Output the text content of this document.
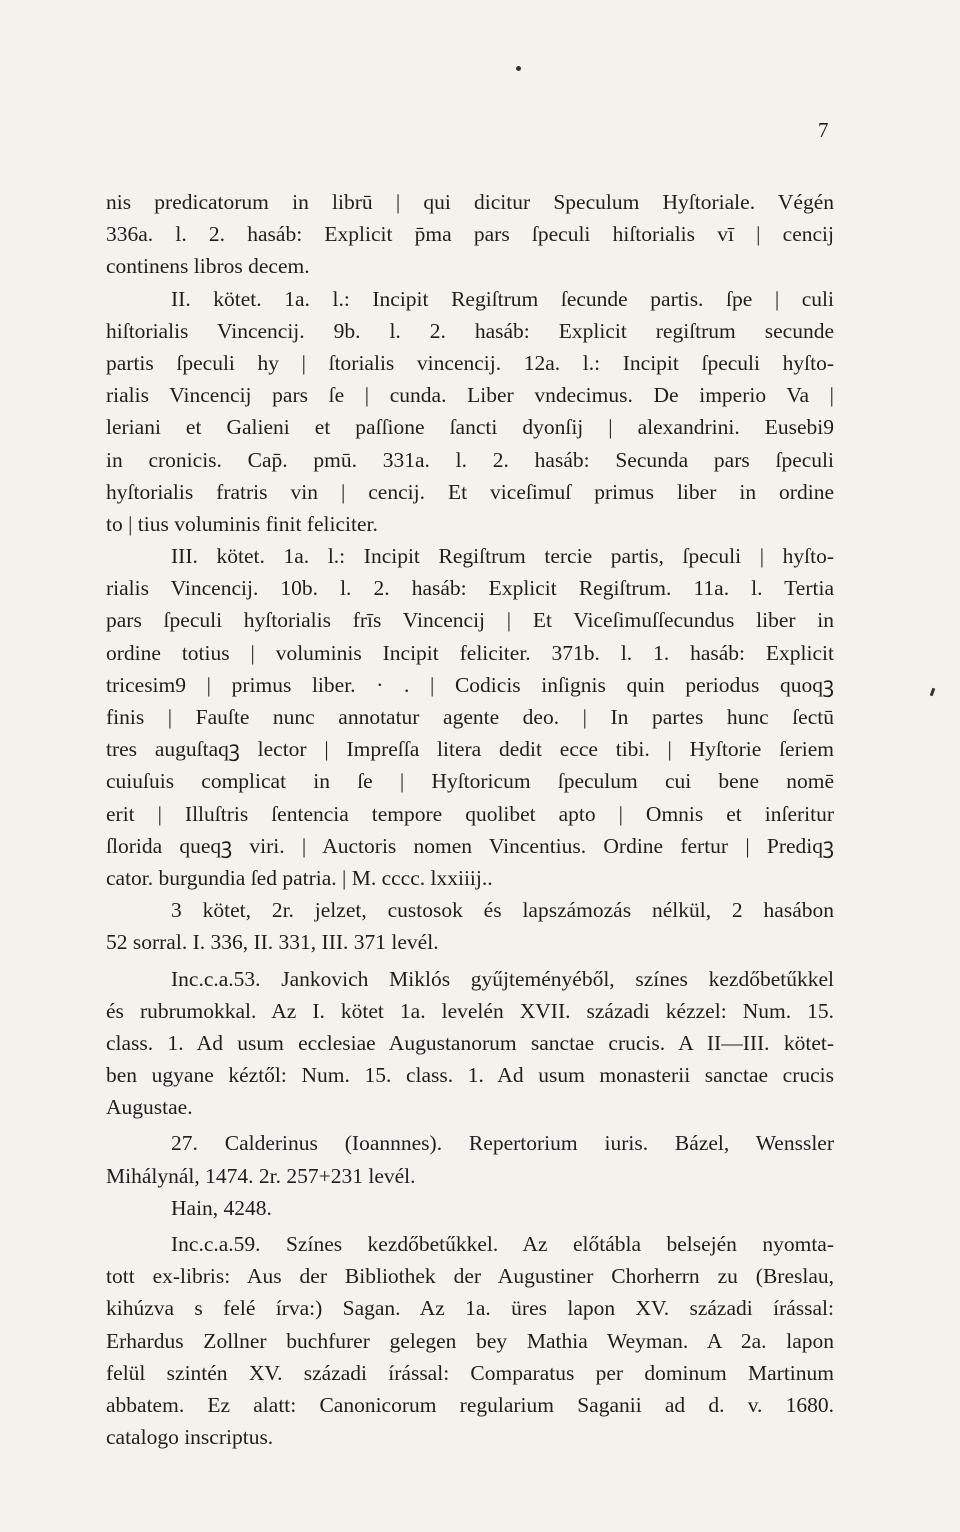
7
nis predicatorum in librū | qui dicitur Speculum Hyſtoriale. Végén
336a. l. 2. hasáb: Explicit p̄ma pars ſpeculi hiſtorialis vī | cencij
continens libros decem.
II. kötet. 1a. l.: Incipit Regiſtrum ſecunde partis. ſpe | culi
hiſtorialis Vincencij. 9b. l. 2. hasáb: Explicit regiſtrum secunde
partis ſpeculi hy | ſtorialis vincencij. 12a. l.: Incipit ſpeculi hyſto-
rialis Vincencij pars ſe | cunda. Liber vndecimus. De imperio Va |
leriani et Galieni et paſſione ſancti dyonſij | alexandrini. Eusebi9
in cronicis. Cap̄. pmū. 331a. l. 2. hasáb: Secunda pars ſpeculi
hyſtorialis fratris vin | cencij. Et viceſimuſ primus liber in ordine
to | tius voluminis finit feliciter.
III. kötet. 1a. l.: Incipit Regiſtrum tercie partis, ſpeculi | hyſto-
rialis Vincencij. 10b. l. 2. hasáb: Explicit Regiſtrum. 11a. l. Tertia
pars ſpeculi hyſtorialis frīs Vincencij | Et Viceſimuſſecundus liber in
ordine totius | voluminis Incipit feliciter. 371b. l. 1. hasáb: Explicit
tricesim9 | primus liber. · . | Codicis inſignis quin periodus quoqꝫ
finis | Fauſte nunc annotatur agente deo. | In partes hunc ſectū
tres auguſtaqꝫ lector | Impreſſa litera dedit ecce tibi. | Hyſtorie ſeriem
cuiuſuis complicat in ſe | Hyſtoricum ſpeculum cui bene nomē
erit | Illuſtris ſentencia tempore quolibet apto | Omnis et inſeritur
ſlorida queqꝫ viri. | Auctoris nomen Vincentius. Ordine fertur | Prediqꝫ
cator. burgundia ſed patria. | M. cccc. lxxiiij..
3 kötet, 2r. jelzet, custosok és lapszámozás nélkül, 2 hasábon
52 sorral. I. 336, II. 331, III. 371 levél.
Inc.c.a.53. Jankovich Miklós gyűjteményéből, színes kezdőbetűkkel
és rubrumokkal. Az I. kötet 1a. levelén XVII. századi kézzel: Num. 15.
class. 1. Ad usum ecclesiae Augustanorum sanctae crucis. A II—III. kötet-
ben ugyane kéztől: Num. 15. class. 1. Ad usum monasterii sanctae crucis
Augustae.
27. Calderinus (Ioannnes). Repertorium iuris. Bázel, Wenssler
Mihálynál, 1474. 2r. 257+231 levél.
Hain, 4248.
Inc.c.a.59. Színes kezdőbetűkkel. Az előtábla belsején nyomta-
tott ex-libris: Aus der Bibliothek der Augustiner Chorherrn zu (Breslau,
kihúzva s felé írva:) Sagan. Az 1a. üres lapon XV. századi írással:
Erhardus Zollner buchfurer gelegen bey Mathia Weyman. A 2a. lapon
felül szintén XV. századi írással: Comparatus per dominum Martinum
abbatem. Ez alatt: Canonicorum regularium Saganii ad d. v. 1680.
catalogo inscriptus.
